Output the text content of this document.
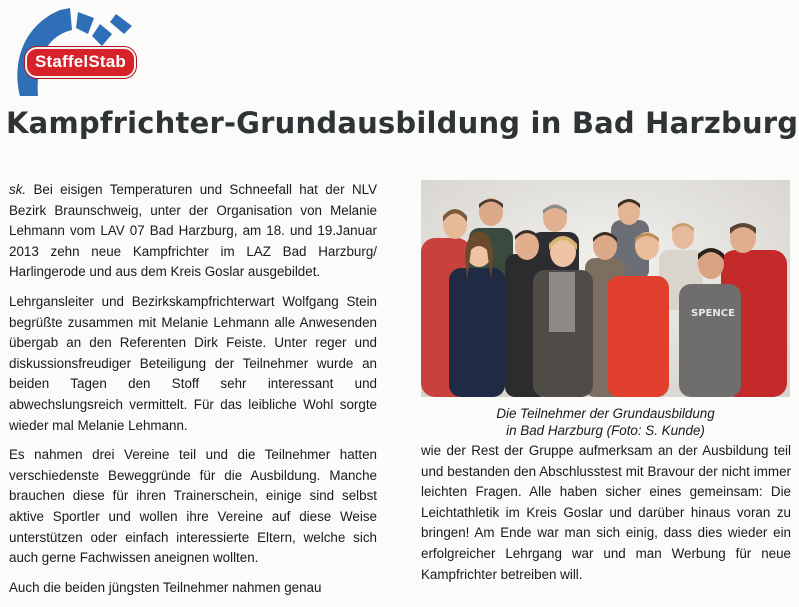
StaffelStab
Kampfrichter-Grundausbildung in Bad Harzburg

sk. Bei eisigen Temperaturen und Schneefall hat der NLV Bezirk Braunschweig, unter der Organisation von Melanie Lehmann vom LAV 07 Bad Harzburg, am 18. und 19.Januar 2013 zehn neue Kampfrichter im LAZ Bad Harzburg/ Harlingerode und aus dem Kreis Goslar ausgebildet.

Lehrgansleiter und Bezirkskampfrichterwart Wolfgang Stein begrüßte zusammen mit Melanie Lehmann alle Anwesenden übergab an den Referenten Dirk Feiste. Unter reger und diskussionsfreudiger Beteiligung der Teilnehmer wurde an beiden Tagen den Stoff sehr interessant und abwechslungsreich vermittelt. Für das leibliche Wohl sorgte wieder mal Melanie Lehmann.

Es nahmen drei Vereine teil und die Teilnehmer hatten verschiedenste Beweggründe für die Ausbildung. Manche brauchen diese für ihren Trainerschein, einige sind selbst aktive Sportler und wollen ihre Vereine auf diese Weise unterstützen oder einfach interessierte Eltern, welche sich auch gerne Fachwissen aneignen wollten.

Auch die beiden jüngsten Teilnehmer nahmen genau

SPENCE
Die Teilnehmer der Grundausbildung
in Bad Harzburg (Foto: S. Kunde)

wie der Rest der Gruppe aufmerksam an der Ausbildung teil und bestanden den Abschlusstest mit Bravour der nicht immer leichten Fragen. Alle haben sicher eines gemeinsam: Die Leichtathletik im Kreis Goslar und darüber hinaus voran zu bringen! Am Ende war man sich einig, dass dies wieder ein erfolgreicher Lehrgang war und man Werbung für neue Kampfrichter betreiben will.
